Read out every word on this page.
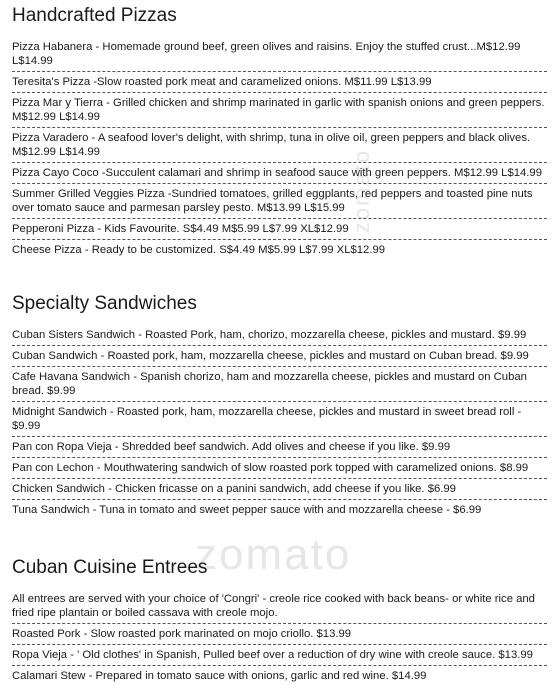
zomato
zomato
Handcrafted Pizzas
Pizza Habanera - Homemade ground beef, green olives and raisins. Enjoy the stuffed crust...M$12.99 L$14.99
Teresita's Pizza -Slow roasted pork meat and caramelized onions. M$11.99 L$13.99
Pizza Mar y Tierra - Grilled chicken and shrimp marinated in garlic with spanish onions and green peppers. M$12.99 L$14.99
Pizza Varadero - A seafood lover's delight, with shrimp, tuna in olive oil, green peppers and black olives. M$12.99 L$14.99
Pizza Cayo Coco -Succulent calamari and shrimp in seafood sauce with green peppers. M$12.99 L$14.99
Summer Grilled Veggies Pizza -Sundried tomatoes, grilled eggplants, red peppers and toasted pine nuts over tomato sauce and parmesan parsley pesto. M$13.99 L$15.99
Pepperoni Pizza - Kids Favourite. S$4.49 M$5.99 L$7.99 XL$12.99
Cheese Pizza - Ready to be customized. S$4.49 M$5.99 L$7.99 XL$12.99
Specialty Sandwiches
Cuban Sisters Sandwich - Roasted Pork, ham, chorizo, mozzarella cheese, pickles and mustard. $9.99
Cuban Sandwich - Roasted pork, ham, mozzarella cheese, pickles and mustard on Cuban bread. $9.99
Cafe Havana Sandwich - Spanish chorizo, ham and mozzarella cheese, pickles and mustard on Cuban bread. $9.99
Midnight Sandwich - Roasted pork, ham, mozzarella cheese, pickles and mustard in sweet bread roll - $9.99
Pan con Ropa Vieja - Shredded beef sandwich. Add olives and cheese if you like. $9.99
Pan con Lechon - Mouthwatering sandwich of slow roasted pork topped with caramelized onions. $8.99
Chicken Sandwich - Chicken fricasse on a panini sandwich, add cheese if you like. $6.99
Tuna Sandwich - Tuna in tomato and sweet pepper sauce with and mozzarella cheese - $6.99
Cuban Cuisine Entrees
All entrees are served with your choice of 'Congri' - creole rice cooked with back beans- or white rice and fried ripe plantain or boiled cassava with creole mojo.
Roasted Pork - Slow roasted pork marinated on mojo criollo. $13.99
Ropa Vieja - ' Old clothes' in Spanish, Pulled beef over a reduction of dry wine with creole sauce. $13.99
Calamari Stew - Prepared in tomato sauce with onions, garlic and red wine. $14.99
